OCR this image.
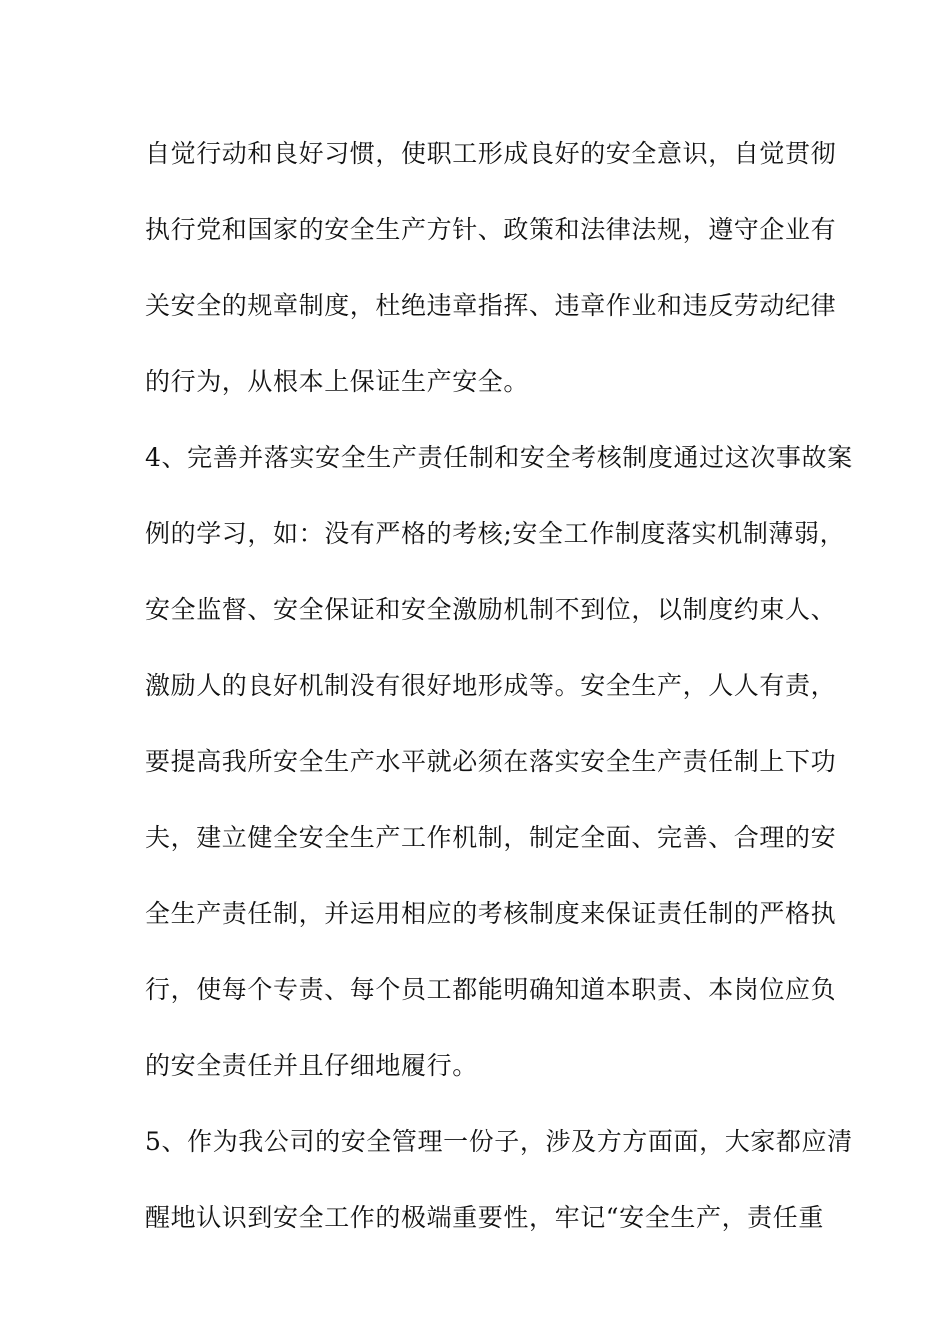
自觉行动和良好习惯，使职工形成良好的安全意识，自觉贯彻
执行党和国家的安全生产方针、政策和法律法规，遵守企业有
关安全的规章制度，杜绝违章指挥、违章作业和违反劳动纪律
的行为，从根本上保证生产安全。
4、完善并落实安全生产责任制和安全考核制度通过这次事故案
例的学习，如：没有严格的考核;安全工作制度落实机制薄弱，
安全监督、安全保证和安全激励机制不到位，以制度约束人、
激励人的良好机制没有很好地形成等。安全生产，人人有责，
要提高我所安全生产水平就必须在落实安全生产责任制上下功
夫，建立健全安全生产工作机制，制定全面、完善、合理的安
全生产责任制，并运用相应的考核制度来保证责任制的严格执
行，使每个专责、每个员工都能明确知道本职责、本岗位应负
的安全责任并且仔细地履行。
5、作为我公司的安全管理一份子，涉及方方面面，大家都应清
醒地认识到安全工作的极端重要性，牢记“安全生产，责任重
